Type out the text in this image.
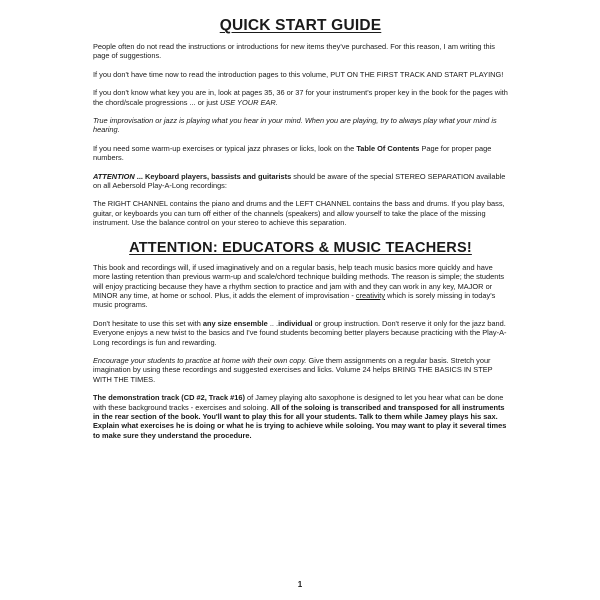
QUICK START GUIDE

People often do not read the instructions or introductions for new items they've purchased. For this reason, I am writing this page of suggestions.

If you don't have time now to read the introduction pages to this volume, PUT ON THE FIRST TRACK AND START PLAYING!

If you don't know what key you are in, look at pages 35, 36 or 37 for your instrument's proper key in the book for the pages with the chord/scale progressions ... or just USE YOUR EAR.

True improvisation or jazz is playing what you hear in your mind. When you are playing, try to always play what your mind is hearing.

If you need some warm-up exercises or typical jazz phrases or licks, look on the Table Of Contents Page for proper page numbers.

ATTENTION ... Keyboard players, bassists and guitarists should be aware of the special STEREO SEPARATION available on all Aebersold Play-A-Long recordings:

The RIGHT CHANNEL contains the piano and drums and the LEFT CHANNEL contains the bass and drums. If you play bass, guitar, or keyboards you can turn off either of the channels (speakers) and allow yourself to take the place of the missing instrument. Use the balance control on your stereo to achieve this separation.

ATTENTION: EDUCATORS & MUSIC TEACHERS!

This book and recordings will, if used imaginatively and on a regular basis, help teach music basics more quickly and have more lasting retention than previous warm-up and scale/chord technique building methods. The reason is simple; the students will enjoy practicing because they have a rhythm section to practice and jam with and they can work in any key, MAJOR or MINOR any time, at home or school. Plus, it adds the element of improvisation - creativity which is sorely missing in today's music programs.

Don't hesitate to use this set with any size ensemble .. .individual or group instruction. Don't reserve it only for the jazz band. Everyone enjoys a new twist to the basics and I've found students becoming better players because practicing with the Play-A-Long recordings is fun and rewarding.

Encourage your students to practice at home with their own copy. Give them assignments on a regular basis. Stretch your imagination by using these recordings and suggested exercises and licks. Volume 24 helps BRING THE BASICS IN STEP WITH THE TIMES.

The demonstration track (CD #2, Track #16) of Jamey playing alto saxophone is designed to let you hear what can be done with these background tracks - exercises and soloing. All of the soloing is transcribed and transposed for all instruments in the rear section of the book. You'll want to play this for all your students. Talk to them while Jamey plays his sax. Explain what exercises he is doing or what he is trying to achieve while soloing. You may want to play it several times to make sure they understand the procedure.

1
